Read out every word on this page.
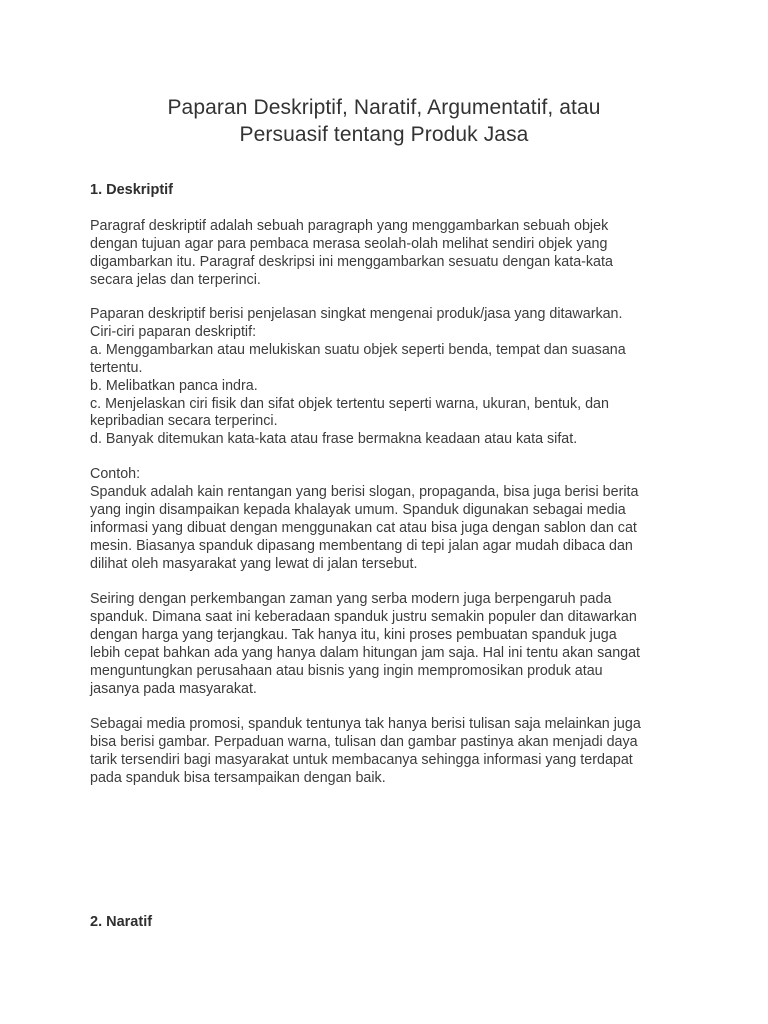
Paparan Deskriptif, Naratif, Argumentatif, atau
Persuasif tentang Produk Jasa
1. Deskriptif

Paragraf deskriptif adalah sebuah paragraph yang menggambarkan sebuah objek
dengan tujuan agar para pembaca merasa seolah-olah melihat sendiri objek yang
digambarkan itu. Paragraf deskripsi ini menggambarkan sesuatu dengan kata-kata
secara jelas dan terperinci.

Paparan deskriptif berisi penjelasan singkat mengenai produk/jasa yang ditawarkan.
Ciri-ciri paparan deskriptif:
a. Menggambarkan atau melukiskan suatu objek seperti benda, tempat dan suasana
tertentu.
b. Melibatkan panca indra.
c. Menjelaskan ciri fisik dan sifat objek tertentu seperti warna, ukuran, bentuk, dan
kepribadian secara terperinci.
d. Banyak ditemukan kata-kata atau frase bermakna keadaan atau kata sifat.

Contoh:
Spanduk adalah kain rentangan yang berisi slogan, propaganda, bisa juga berisi berita
yang ingin disampaikan kepada khalayak umum. Spanduk digunakan sebagai media
informasi yang dibuat dengan menggunakan cat atau bisa juga dengan sablon dan cat
mesin. Biasanya spanduk dipasang membentang di tepi jalan agar mudah dibaca dan
dilihat oleh masyarakat yang lewat di jalan tersebut.

Seiring dengan perkembangan zaman yang serba modern juga berpengaruh pada
spanduk. Dimana saat ini keberadaan spanduk justru semakin populer dan ditawarkan
dengan harga yang terjangkau. Tak hanya itu, kini proses pembuatan spanduk juga
lebih cepat bahkan ada yang hanya dalam hitungan jam saja. Hal ini tentu akan sangat
menguntungkan perusahaan atau bisnis yang ingin mempromosikan produk atau
jasanya pada masyarakat.

Sebagai media promosi, spanduk tentunya tak hanya berisi tulisan saja melainkan juga
bisa berisi gambar. Perpaduan warna, tulisan dan gambar pastinya akan menjadi daya
tarik tersendiri bagi masyarakat untuk membacanya sehingga informasi yang terdapat
pada spanduk bisa tersampaikan dengan baik.

2. Naratif
